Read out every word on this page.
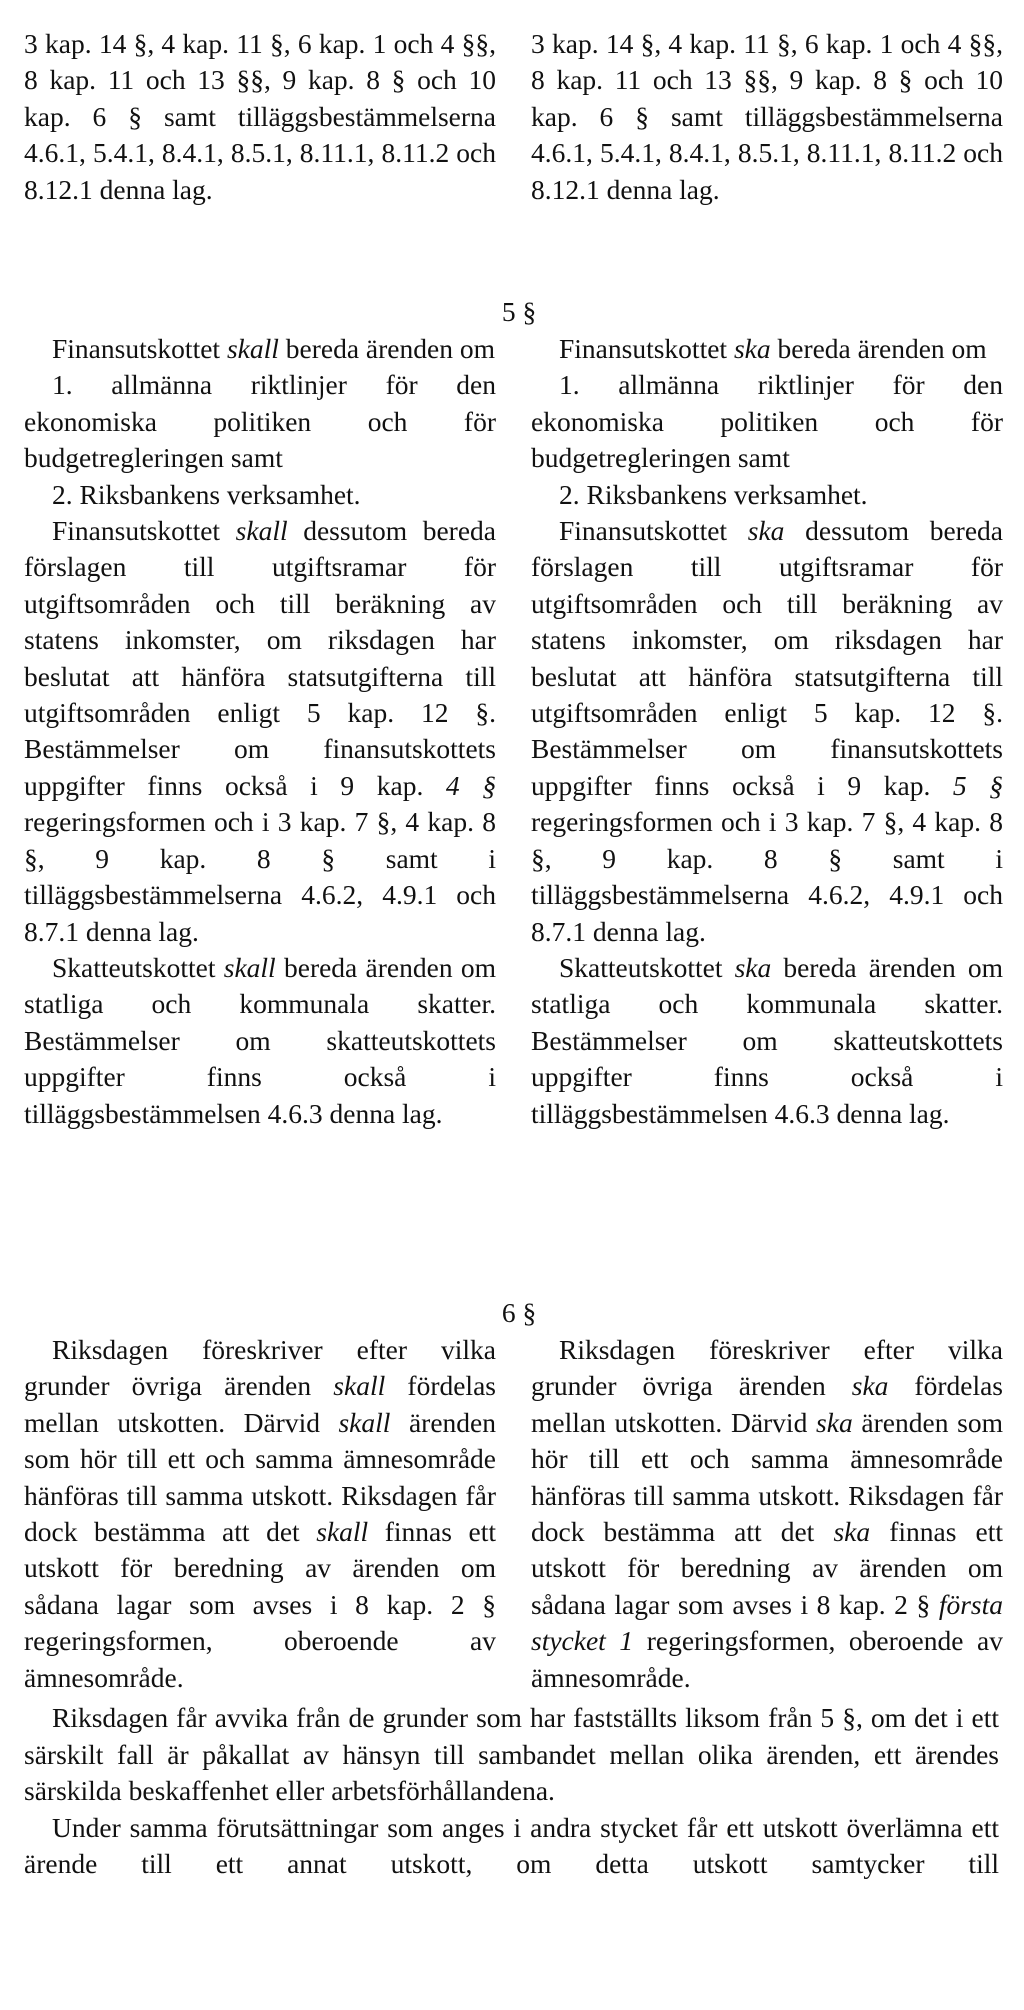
3 kap. 14 §, 4 kap. 11 §, 6 kap. 1 och 4 §§, 8 kap. 11 och 13 §§, 9 kap. 8 § och 10 kap. 6 § samt tilläggsbestämmelserna 4.6.1, 5.4.1, 8.4.1, 8.5.1, 8.11.1, 8.11.2 och 8.12.1 denna lag.

3 kap. 14 §, 4 kap. 11 §, 6 kap. 1 och 4 §§, 8 kap. 11 och 13 §§, 9 kap. 8 § och 10 kap. 6 § samt tilläggsbestämmelserna 4.6.1, 5.4.1, 8.4.1, 8.5.1, 8.11.1, 8.11.2 och 8.12.1 denna lag.

5 §

Finansutskottet skall bereda ärenden om

1. allmänna riktlinjer för den ekonomiska politiken och för budgetregleringen samt

2. Riksbankens verksamhet.

Finansutskottet skall dessutom bereda förslagen till utgiftsramar för utgiftsområden och till beräkning av statens inkomster, om riksdagen har beslutat att hänföra statsutgifterna till utgiftsområden enligt 5 kap. 12 §. Bestämmelser om finansutskottets uppgifter finns också i 9 kap. 4 § regeringsformen och i 3 kap. 7 §, 4 kap. 8 §, 9 kap. 8 § samt i tilläggsbestämmelserna 4.6.2, 4.9.1 och 8.7.1 denna lag.

Skatteutskottet skall bereda ärenden om statliga och kommunala skatter. Bestämmelser om skatteutskottets uppgifter finns också i tilläggsbestämmelsen 4.6.3 denna lag.

Finansutskottet ska bereda ärenden om

1. allmänna riktlinjer för den ekonomiska politiken och för budgetregleringen samt

2. Riksbankens verksamhet.

Finansutskottet ska dessutom bereda förslagen till utgiftsramar för utgiftsområden och till beräkning av statens inkomster, om riksdagen har beslutat att hänföra statsutgifterna till utgiftsområden enligt 5 kap. 12 §. Bestämmelser om finansutskottets uppgifter finns också i 9 kap. 5 § regeringsformen och i 3 kap. 7 §, 4 kap. 8 §, 9 kap. 8 § samt i tilläggsbestämmelserna 4.6.2, 4.9.1 och 8.7.1 denna lag.

Skatteutskottet ska bereda ärenden om statliga och kommunala skatter. Bestämmelser om skatteutskottets uppgifter finns också i tilläggsbestämmelsen 4.6.3 denna lag.

6 §

Riksdagen föreskriver efter vilka grunder övriga ärenden skall fördelas mellan utskotten. Därvid skall ärenden som hör till ett och samma ämnesområde hänföras till samma utskott. Riksdagen får dock bestämma att det skall finnas ett utskott för beredning av ärenden om sådana lagar som avses i 8 kap. 2 § regeringsformen, oberoende av ämnesområde.

Riksdagen föreskriver efter vilka grunder övriga ärenden ska fördelas mellan utskotten. Därvid ska ärenden som hör till ett och samma ämnesområde hänföras till samma utskott. Riksdagen får dock bestämma att det ska finnas ett utskott för beredning av ärenden om sådana lagar som avses i 8 kap. 2 § första stycket 1 regeringsformen, oberoende av ämnesområde.

Riksdagen får avvika från de grunder som har fastställts liksom från 5 §, om det i ett särskilt fall är påkallat av hänsyn till sambandet mellan olika ärenden, ett ärendes särskilda beskaffenhet eller arbetsförhållandena.

Under samma förutsättningar som anges i andra stycket får ett utskott överlämna ett ärende till ett annat utskott, om detta utskott samtycker till
